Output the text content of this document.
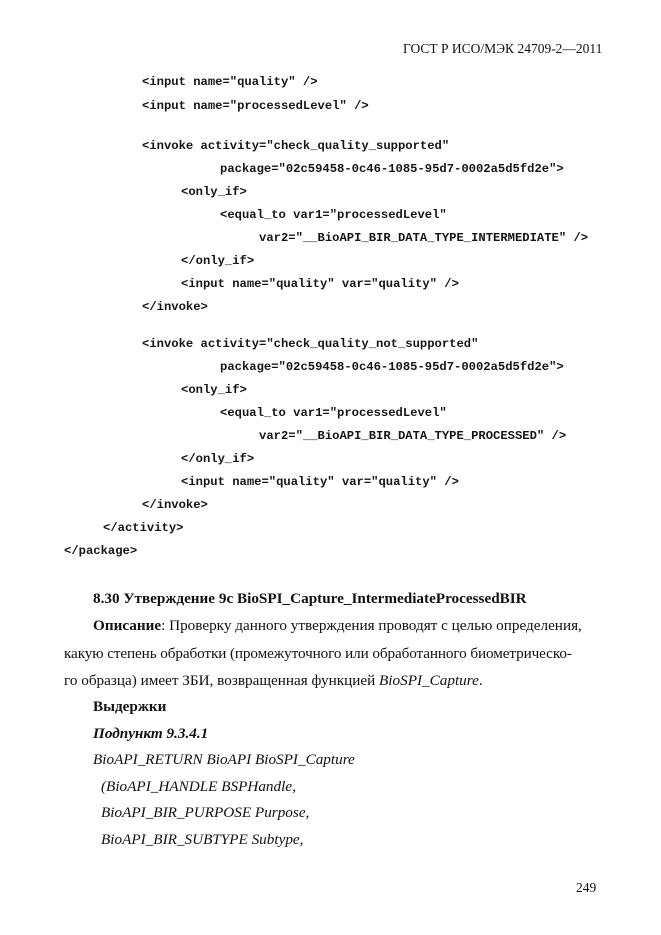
ГОСТ Р ИСО/МЭК 24709-2—2011
<input name="quality" />
<input name="processedLevel" />
<invoke activity="check_quality_supported"
package="02c59458-0c46-1085-95d7-0002a5d5fd2e">
<only_if>
<equal_to var1="processedLevel"
var2="__BioAPI_BIR_DATA_TYPE_INTERMEDIATE" />
</only_if>
<input name="quality" var="quality" />
</invoke>
<invoke activity="check_quality_not_supported"
package="02c59458-0c46-1085-95d7-0002a5d5fd2e">
<only_if>
<equal_to var1="processedLevel"
var2="__BioAPI_BIR_DATA_TYPE_PROCESSED" />
</only_if>
<input name="quality" var="quality" />
</invoke>
</activity>
</package>
8.30 Утверждение 9с BioSPI_Capture_IntermediateProcessedBIR
Описание: Проверку данного утверждения проводят с целью определения,
какую степень обработки (промежуточного или обработанного биометрическо-
го образца) имеет ЗБИ, возвращенная функцией BioSPI_Capture.
Выдержки
Подпункт 9.3.4.1
BioAPI_RETURN BioAPI BioSPI_Capture
(BioAPI_HANDLE BSPHandle,
BioAPI_BIR_PURPOSE Purpose,
BioAPI_BIR_SUBTYPE Subtype,
249
